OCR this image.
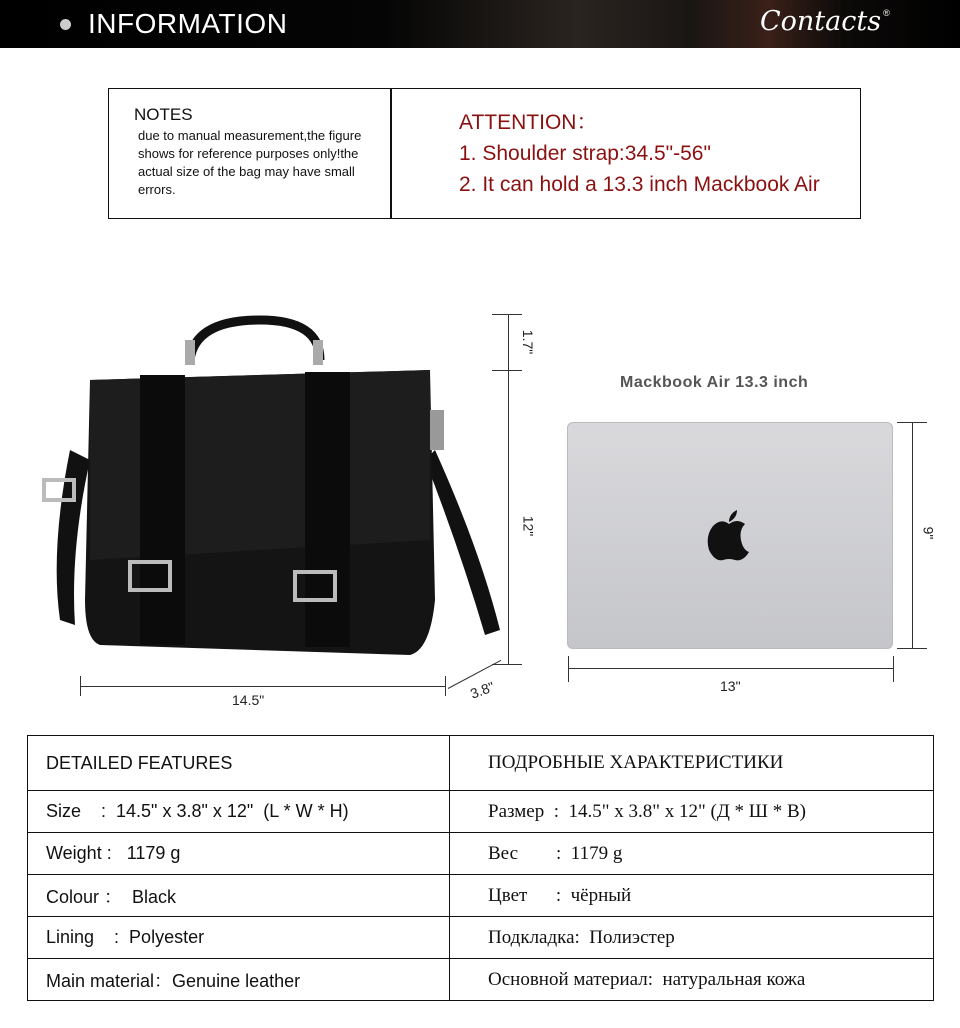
INFORMATION	Contacts ®
NOTES
due to manual measurement,the figure shows for reference purposes only!the actual size of the bag may have small errors.
ATTENTION：
1. Shoulder strap:34.5"-56"
2. It can hold a 13.3 inch Mackbook Air
1.7"
12"
14.5"	3.8"
Mackbook Air 13.3 inch
9"
13"
DETAILED FEATURES	ПОДРОБНЫЕ ХАРАКТЕРИСТИКИ
Size    :  14.5" x 3.8" x 12"  (L * W * H)	Размер  :  14.5" x 3.8" x 12" (Д * Ш * В)
Weight :   1179 g	Вес        :  1179 g
Colour ：  Black	Цвет      :  чёрный
Lining    :  Polyester	Подкладка:  Полиэстер
Main material：Genuine leather	Основной материал:  натуральная кожа
